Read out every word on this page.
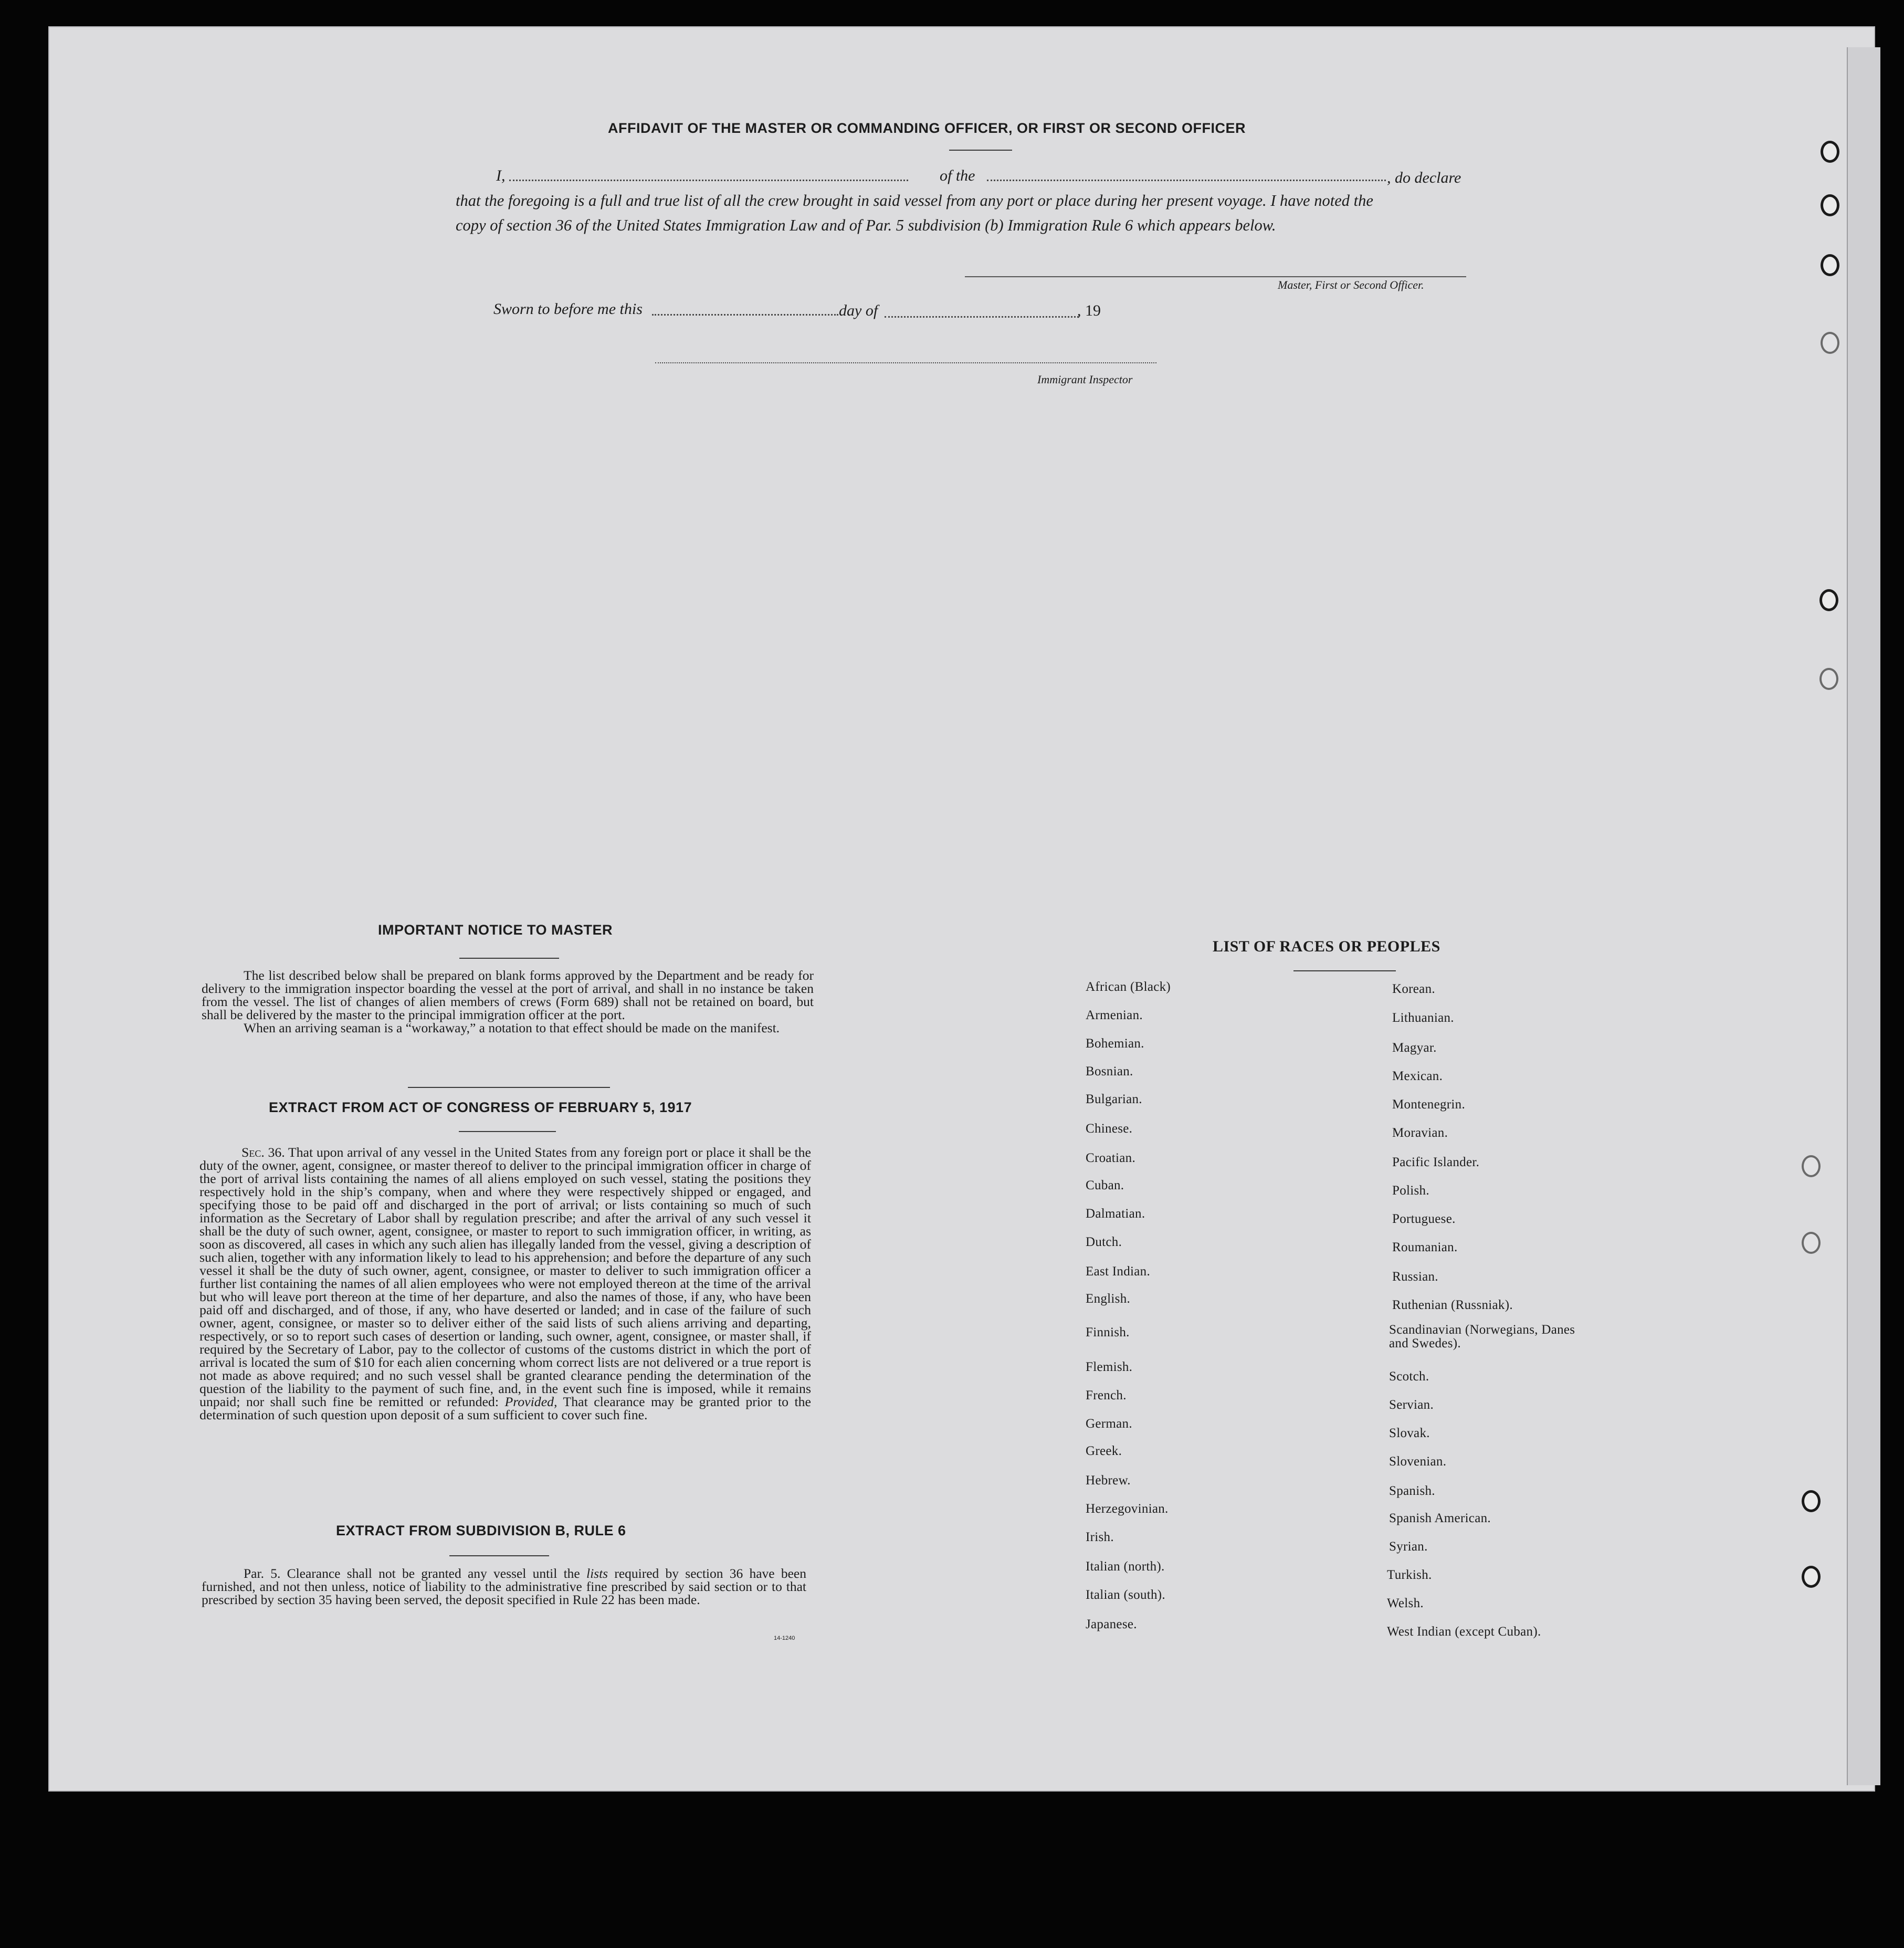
AFFIDAVIT OF THE MASTER OR COMMANDING OFFICER, OR FIRST OR SECOND OFFICER
I,	of the	, do declare
that the foregoing is a full and true list of all the crew brought in said vessel from any port or place during her present voyage. I have noted the
copy of section 36 of the United States Immigration Law and of Par. 5 subdivision (b) Immigration Rule 6 which appears below.
Master, First or Second Officer.
Sworn to before me this	day of	, 19
Immigrant Inspector
IMPORTANT NOTICE TO MASTER

The list described below shall be prepared on blank forms approved by the Department and be ready for delivery to the immigration inspector boarding the vessel at the port of arrival, and shall in no instance be taken from the vessel. The list of changes of alien members of crews (Form 689) shall not be retained on board, but shall be delivered by the master to the principal immigration officer at the port.

When an arriving seaman is a “workaway,” a notation to that effect should be made on the manifest.

EXTRACT FROM ACT OF CONGRESS OF FEBRUARY 5, 1917
Sec. 36. That upon arrival of any vessel in the United States from any foreign port or place it shall be the duty of the owner, agent, consignee, or master thereof to deliver to the principal immigration officer in charge of the port of arrival lists containing the names of all aliens employed on such vessel, stating the positions they respectively hold in the ship’s company, when and where they were respectively shipped or engaged, and specifying those to be paid off and discharged in the port of arrival; or lists containing so much of such information as the Secretary of Labor shall by regulation prescribe; and after the arrival of any such vessel it shall be the duty of such owner, agent, consignee, or master to report to such immigration officer, in writing, as soon as discovered, all cases in which any such alien has illegally landed from the vessel, giving a description of such alien, together with any information likely to lead to his apprehension; and before the departure of any such vessel it shall be the duty of such owner, agent, consignee, or master to deliver to such immigration officer a further list containing the names of all alien employees who were not employed thereon at the time of the arrival but who will leave port thereon at the time of her departure, and also the names of those, if any, who have been paid off and discharged, and of those, if any, who have deserted or landed; and in case of the failure of such owner, agent, consignee, or master so to deliver either of the said lists of such aliens arriving and departing, respectively, or so to report such cases of desertion or landing, such owner, agent, consignee, or master shall, if required by the Secretary of Labor, pay to the collector of customs of the customs district in which the port of arrival is located the sum of $10 for each alien concerning whom correct lists are not delivered or a true report is not made as above required; and no such vessel shall be granted clearance pending the determination of the question of the liability to the payment of such fine, and, in the event such fine is imposed, while it remains unpaid; nor shall such fine be remitted or refunded: Provided, That clearance may be granted prior to the determination of such question upon deposit of a sum sufficient to cover such fine.
EXTRACT FROM SUBDIVISION B, RULE 6
Par. 5. Clearance shall not be granted any vessel until the lists required by section 36 have been furnished, and not then unless, notice of liability to the administrative fine prescribed by said section or to that prescribed by section 35 having been served, the deposit specified in Rule 22 has been made.
14-1240
LIST OF RACES OR PEOPLES
African (Black)
Armenian.
Bohemian.
Bosnian.
Bulgarian.
Chinese.
Croatian.
Cuban.
Dalmatian.
Dutch.
East Indian.
English.
Finnish.
Flemish.
French.
German.
Greek.
Hebrew.
Herzegovinian.
Irish.
Italian (north).
Italian (south).
Japanese.
Korean.
Lithuanian.
Magyar.
Mexican.
Montenegrin.
Moravian.
Pacific Islander.
Polish.
Portuguese.
Roumanian.
Russian.
Ruthenian (Russniak).
Scandinavian (Norwegians, Danes and Swedes).
Scotch.
Servian.
Slovak.
Slovenian.
Spanish.
Spanish American.
Syrian.
Turkish.
Welsh.
West Indian (except Cuban).
